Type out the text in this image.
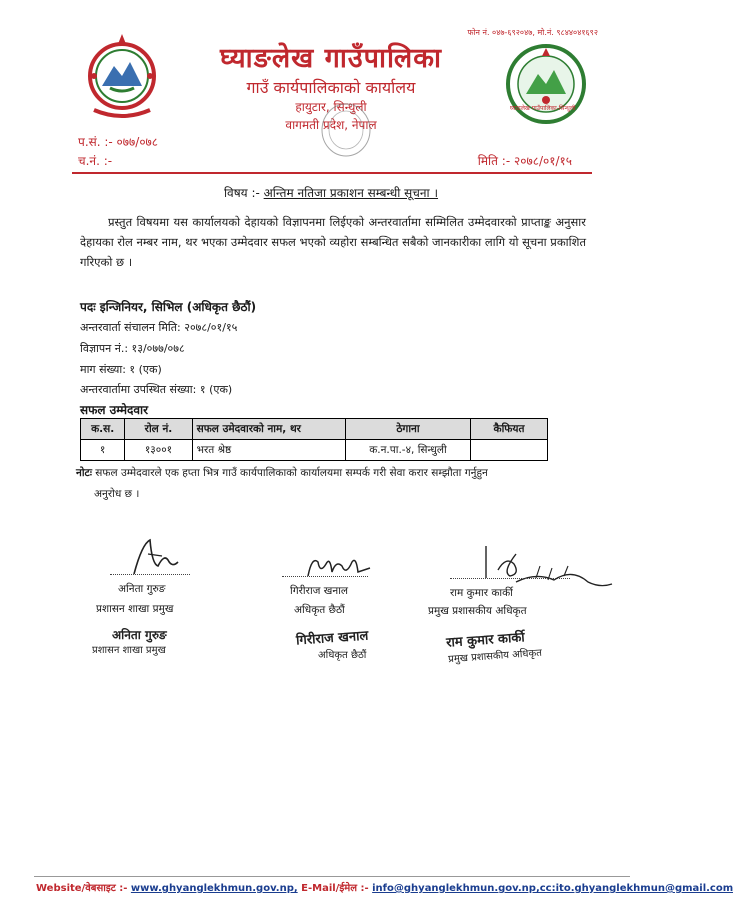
घ्याङलेख गाउँपालिका-सिन्धुली
फोन नं. ०४७-६९२०४७, मो.नं. ९८४४०४१६९२
घ्याङलेख गाउँपालिका
गाउँ कार्यपालिकाको कार्यालय
हायुटार, सिन्धुली
वागमती प्रदेश, नेपाल
प.सं. :- ०७७/०७८
च.नं. :-	मिति :- २०७८/०१/१५
विषय :- अन्तिम नतिजा प्रकाशन सम्बन्धी सूचना ।
प्रस्तुत विषयमा यस कार्यालयको देहायको विज्ञापनमा लिईएको अन्तरवार्तामा सम्मिलित उम्मेदवारको प्राप्ताङ्क अनुसार देहायका रोल नम्बर नाम, थर भएका उम्मेदवार सफल भएको व्यहोरा सम्बन्धित सबैको जानकारीका लागि यो सूचना प्रकाशित गरिएको छ ।
पदः इन्जिनियर, सिभिल (अधिकृत छैठौं)
अन्तरवार्ता संचालन मिति: २०७८/०१/१५
विज्ञापन नं.: १३/०७७/०७८
माग संख्या: १ (एक)
अन्तरवार्तामा उपस्थित संख्या: १ (एक)
सफल उम्मेदवार
क.स.	रोल नं.	सफल उमेदवारको नाम, थर	ठेगाना	कैफियत
१	१३००१	भरत श्रेष्ठ	क.न.पा.-४, सिन्धुली	
नोटः सफल उम्मेदवारले एक हप्ता भित्र गाउँ कार्यपालिकाको कार्यालयमा सम्पर्क गरी सेवा करार सम्झौता गर्नुहुन
अनुरोध छ ।
अनिता गुरुङ
प्रशासन शाखा प्रमुख
अनिता गुरुङ
प्रशासन शाखा प्रमुख
गिरीराज खनाल
अधिकृत छैठौं
गिरीराज खनाल
अधिकृत छैठौं
राम कुमार कार्की
प्रमुख प्रशासकीय अधिकृत
राम कुमार कार्की
प्रमुख प्रशासकीय अधिकृत
Website/वेबसाइट :- www.ghyanglekhmun.gov.np, E-Mail/ईमेल :- info@ghyanglekhmun.gov.np,cc:ito.ghyanglekhmun@gmail.com
